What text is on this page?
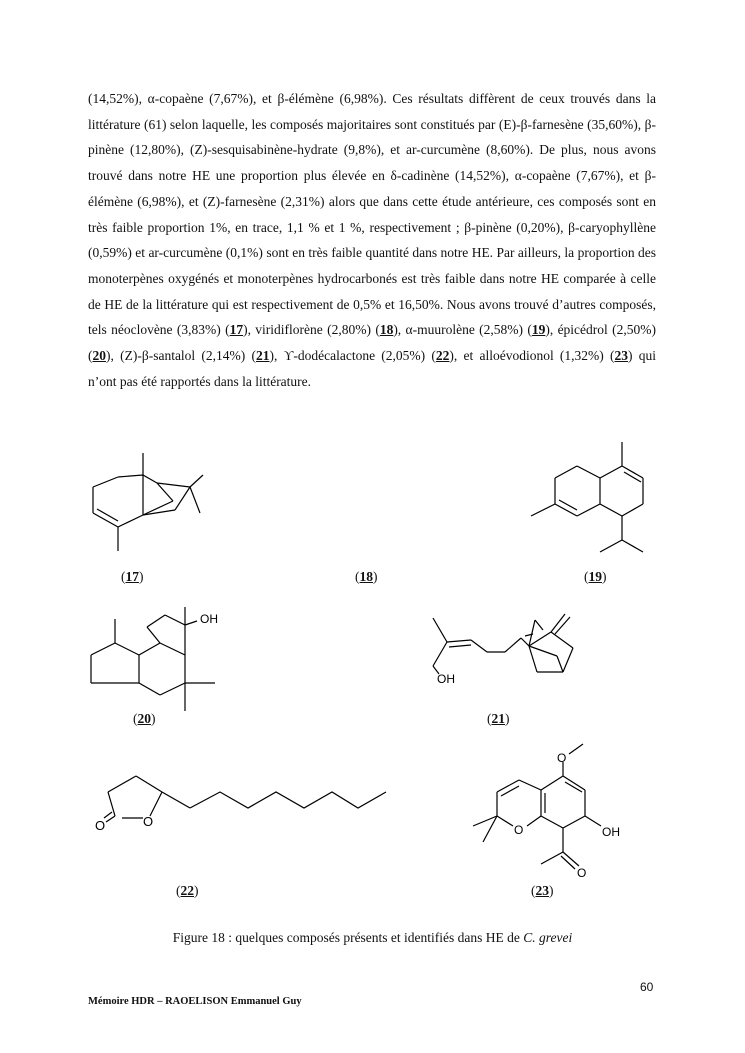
(14,52%), α-copaène (7,67%), et β-élémène (6,98%). Ces résultats diffèrent de ceux trouvés dans la littérature (61) selon laquelle, les composés majoritaires sont constitués par (E)-β-farnesène (35,60%), β-pinène (12,80%), (Z)-sesquisabinène-hydrate (9,8%), et ar-curcumène (8,60%). De plus, nous avons trouvé dans notre HE une proportion plus élevée en δ-cadinène (14,52%), α-copaène (7,67%), et β-élémène (6,98%), et (Z)-farnesène (2,31%) alors que dans cette étude antérieure, ces composés sont en très faible proportion 1%, en trace, 1,1 % et 1 %, respectivement ; β-pinène (0,20%), β-caryophyllène (0,59%) et ar-curcumène (0,1%) sont en très faible quantité dans notre HE. Par ailleurs, la proportion des monoterpènes oxygénés et monoterpènes hydrocarbonés est très faible dans notre HE comparée à celle de HE de la littérature qui est respectivement de 0,5% et 16,50%. Nous avons trouvé d’autres composés, tels néoclovène (3,83%) (17), viridiflorène (2,80%) (18), α-muurolène (2,58%) (19), épicédrol (2,50%) (20), (Z)-β-santalol (2,14%) (21), ϒ-dodécalactone (2,05%) (22), et alloévodionol (1,32%) (23) qui n’ont pas été rapportés dans la littérature.

OH
OH
O	O
O
O	OH
O
(17)	(18)	(19)
(20)	(21)
(22)	(23)
Figure 18 : quelques composés présents et identifiés dans HE de C. grevei
60
Mémoire HDR – RAOELISON Emmanuel Guy
